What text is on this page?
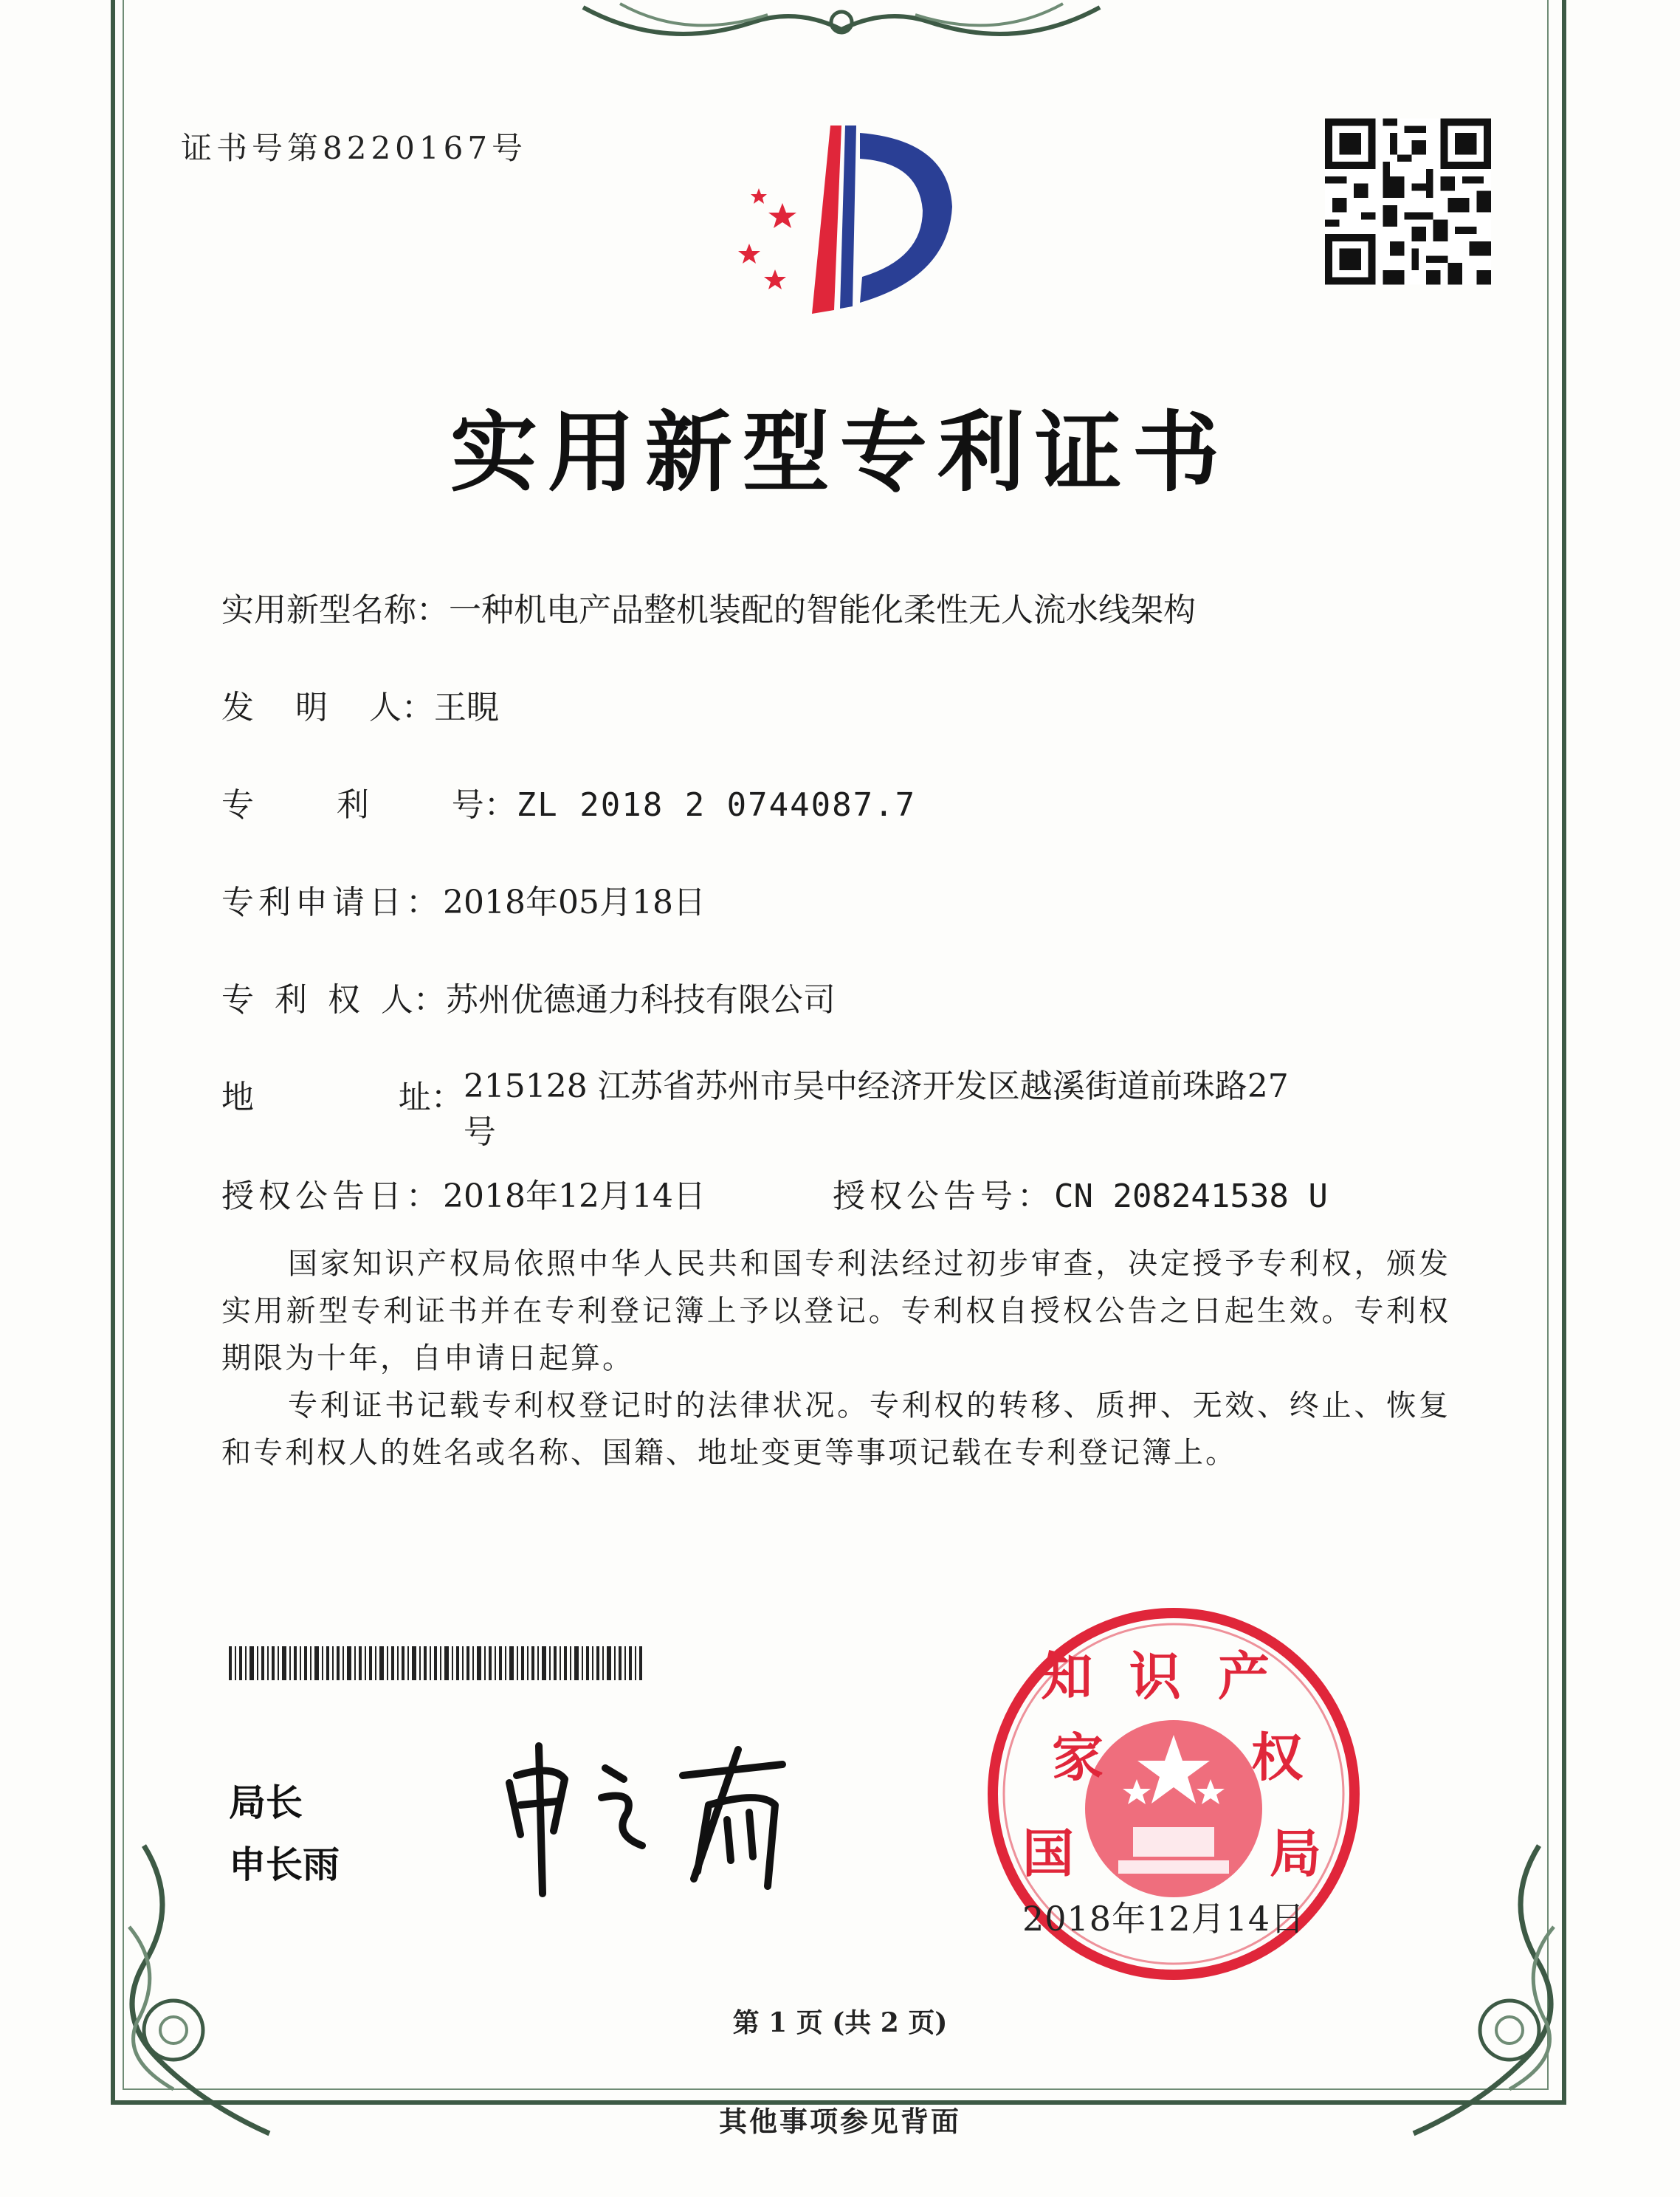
证书号第8220167号
实用新型专利证书
实用新型名称：一种机电产品整机装配的智能化柔性无人流水线架构
发    明    人：王睍
专        利        号：ZL 2018 2 0744087.7
专利申请日：2018年05月18日
专  利  权  人：苏州优德通力科技有限公司
地              址： 215128 江苏省苏州市吴中经济开发区越溪街道前珠路27
号
授权公告日：2018年12月14日	授权公告号：CN 208241538 U
国家知识产权局依照中华人民共和国专利法经过初步审查，决定授予专利权，颁发实用新型专利证书并在专利登记簿上予以登记。专利权自授权公告之日起生效。专利权期限为十年，自申请日起算。
专利证书记载专利权登记时的法律状况。专利权的转移、质押、无效、终止、恢复和专利权人的姓名或名称、国籍、地址变更等事项记载在专利登记簿上。
局长
申长雨
知识产
家
国
权
局
2018年12月14日
第 1 页 (共 2 页)
其他事项参见背面
